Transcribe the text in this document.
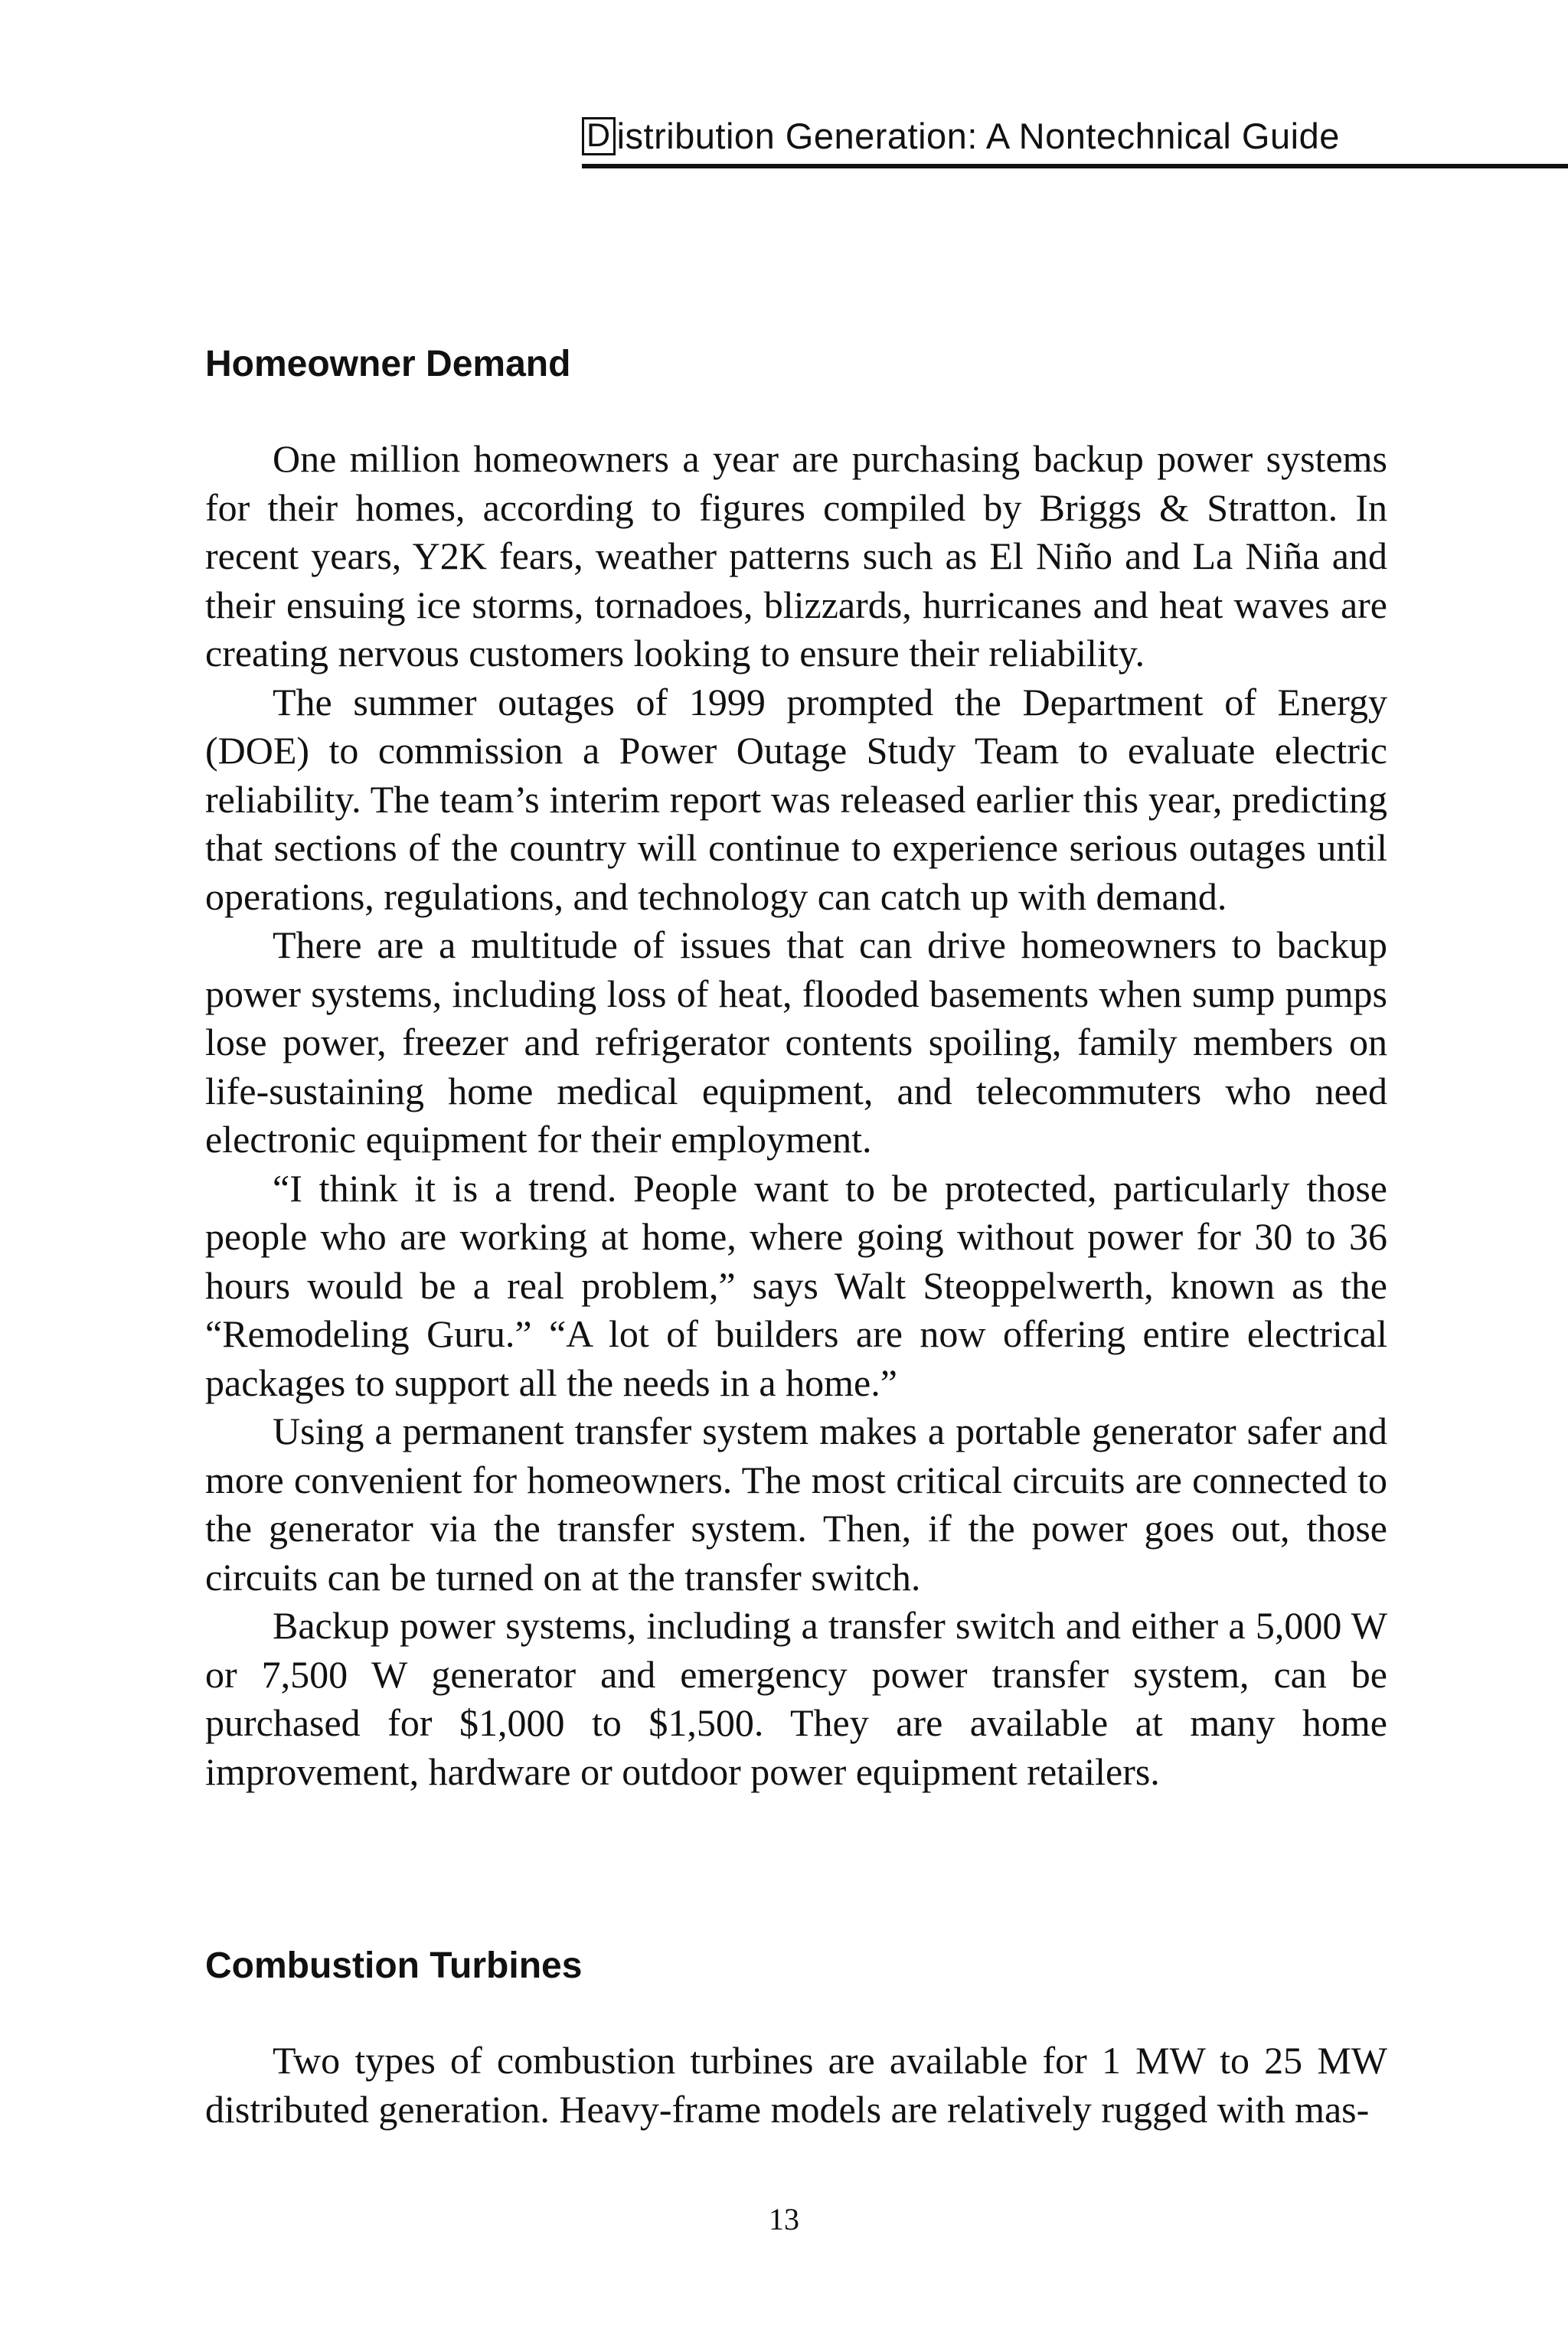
D istribution Generation: A Nontechnical Guide
Homeowner Demand

One million homeowners a year are purchasing backup power systems for their homes, according to figures compiled by Briggs & Stratton. In recent years, Y2K fears, weather patterns such as El Niño and La Niña and their ensuing ice storms, tornadoes, blizzards, hurricanes and heat waves are creating nervous customers looking to ensure their reliability.

The summer outages of 1999 prompted the Department of Energy (DOE) to commission a Power Outage Study Team to evaluate electric reliability. The team’s interim report was released earlier this year, predicting that sections of the country will continue to experience serious outages until operations, regulations, and technology can catch up with demand.

There are a multitude of issues that can drive homeowners to backup power systems, including loss of heat, flooded basements when sump pumps lose power, freezer and refrigerator contents spoiling, family members on life-sustaining home medical equipment, and telecommuters who need electronic equipment for their employment.

“I think it is a trend. People want to be protected, particularly those people who are working at home, where going without power for 30 to 36 hours would be a real problem,” says Walt Steoppelwerth, known as the “Remodeling Guru.” “A lot of builders are now offering entire electrical packages to support all the needs in a home.”

Using a permanent transfer system makes a portable generator safer and more convenient for homeowners. The most critical circuits are connected to the generator via the transfer system. Then, if the power goes out, those circuits can be turned on at the transfer switch.

Backup power systems, including a transfer switch and either a 5,000 W or 7,500 W generator and emergency power transfer system, can be purchased for $1,000 to $1,500. They are available at many home improvement, hardware or outdoor power equipment retailers.

Combustion Turbines

Two types of combustion turbines are available for 1 MW to 25 MW distributed generation. Heavy-frame models are relatively rugged with mas-

13
